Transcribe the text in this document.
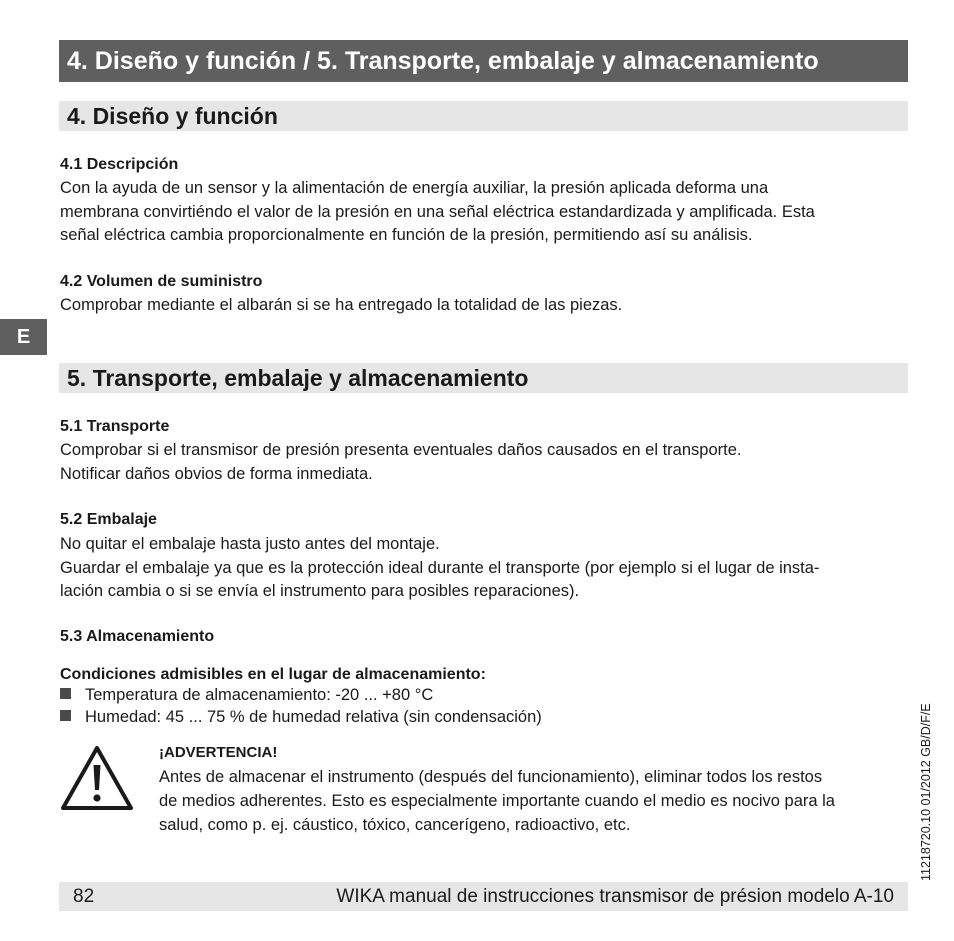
4. Diseño y función / 5. Transporte, embalaje y almacenamiento
4. Diseño y función
4.1 Descripción
Con la ayuda de un sensor y la alimentación de energía auxiliar, la presión aplicada deforma una
membrana convirtiéndo el valor de la presión en una señal eléctrica estandardizada y amplificada. Esta
señal eléctrica cambia proporcionalmente en función de la presión, permitiendo así su análisis.
4.2 Volumen de suministro
Comprobar mediante el albarán si se ha entregado la totalidad de las piezas.
E
5. Transporte, embalaje y almacenamiento
5.1 Transporte
Comprobar si el transmisor de presión presenta eventuales daños causados en el transporte.
Notificar daños obvios de forma inmediata.
5.2 Embalaje
No quitar el embalaje hasta justo antes del montaje.
Guardar el embalaje ya que es la protección ideal durante el transporte (por ejemplo si el lugar de insta-
lación cambia o si se envía el instrumento para posibles reparaciones).
5.3 Almacenamiento
Condiciones admisibles en el lugar de almacenamiento:
Temperatura de almacenamiento: -20 ... +80 °C
Humedad: 45 ... 75 % de humedad relativa (sin condensación)
¡ADVERTENCIA!
Antes de almacenar el instrumento (después del funcionamiento), eliminar todos los restos
de medios adherentes. Esto es especialmente importante cuando el medio es nocivo para la
salud, como p. ej. cáustico, tóxico, cancerígeno, radioactivo, etc.
82	WIKA manual de instrucciones transmisor de présion modelo A-10
11218720.10 01/2012 GB/D/F/E
